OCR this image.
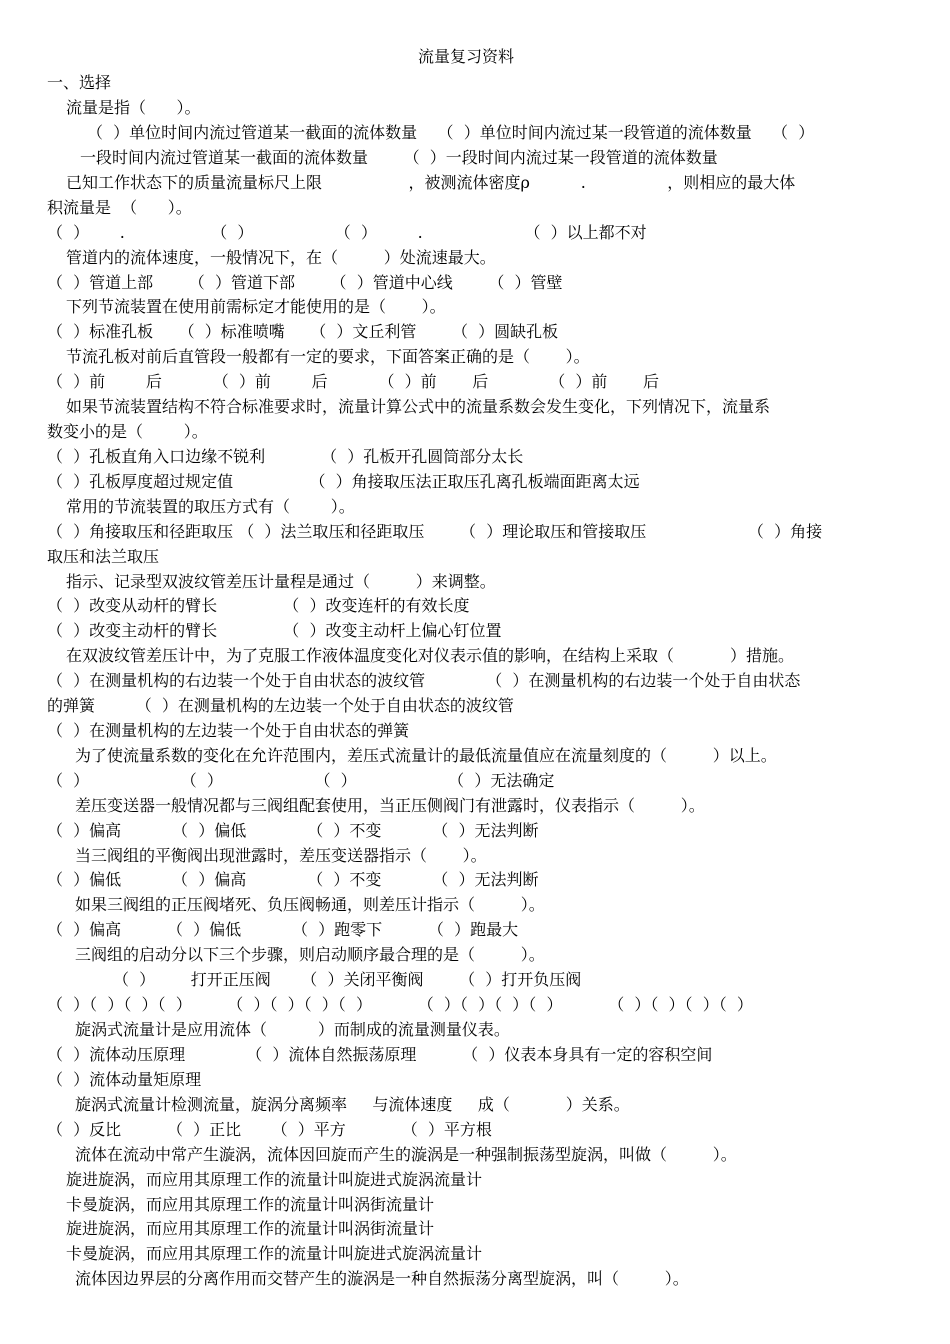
流量复习资料
一、选择
流量是指（      ）。
（  ）单位时间内流过管道某一截面的流体数量    （  ）单位时间内流过某一段管道的流体数量    （  ）
一段时间内流过管道某一截面的流体数量       （  ）一段时间内流过某一段管道的流体数量
已知工作状态下的质量流量标尺上限                 ，被测流体密度ρ          .                ，则相应的最大体
积流量是  （      ）。
（  ）      .                 （  ）                （  ）        .                    （  ）以上都不对
管道内的流体速度，一般情况下，在（         ）处流速最大。
（  ）管道上部       （  ）管道下部       （  ）管道中心线       （  ）管壁
下列节流装置在使用前需标定才能使用的是（       ）。
（  ）标准孔板     （  ）标准喷嘴     （  ）文丘利管       （  ）圆缺孔板
节流孔板对前后直管段一般都有一定的要求，下面答案正确的是（       ）。
（  ）前        后          （  ）前        后          （  ）前       后            （  ）前       后
如果节流装置结构不符合标准要求时，流量计算公式中的流量系数会发生变化，下列情况下，流量系
数变小的是（        ）。
（  ）孔板直角入口边缘不锐利           （  ）孔板开孔圆筒部分太长
（  ）孔板厚度超过规定值               （  ）角接取压法正取压孔离孔板端面距离太远
常用的节流装置的取压方式有（        ）。
（  ）角接取压和径距取压 （  ）法兰取压和径距取压       （  ）理论取压和管接取压                    （  ）角接
取压和法兰取压
指示、记录型双波纹管差压计量程是通过（         ）来调整。
（  ）改变从动杆的臂长             （  ）改变连杆的有效长度
（  ）改变主动杆的臂长             （  ）改变主动杆上偏心钉位置
在双波纹管差压计中，为了克服工作液体温度变化对仪表示值的影响，在结构上采取（           ）措施。
（  ）在测量机构的右边装一个处于自由状态的波纹管            （  ）在测量机构的右边装一个处于自由状态
的弹簧        （  ）在测量机构的左边装一个处于自由状态的波纹管
（  ）在测量机构的左边装一个处于自由状态的弹簧
为了使流量系数的变化在允许范围内，差压式流量计的最低流量值应在流量刻度的（         ）以上。
（  ）                  （  ）                  （  ）                  （  ）无法确定
差压变送器一般情况都与三阀组配套使用，当正压侧阀门有泄露时，仪表指示（         ）。
（  ）偏高          （  ）偏低            （  ）不变          （  ）无法判断
当三阀组的平衡阀出现泄露时，差压变送器指示（       ）。
（  ）偏低          （  ）偏高            （  ）不变          （  ）无法判断
如果三阀组的正压阀堵死、负压阀畅通，则差压计指示（         ）。
（  ）偏高         （  ）偏低          （  ）跑零下         （  ）跑最大
三阀组的启动分以下三个步骤，则启动顺序最合理的是（         ）。
（  ）       打开正压阀      （  ）关闭平衡阀       （  ）打开负压阀
（  ）（  ）（  ）（  ）       （  ）（  ）（  ）（  ）         （  ）（  ）（  ）（  ）         （  ）（  ）（  ）（  ）
旋涡式流量计是应用流体（          ）而制成的流量测量仪表。
（  ）流体动压原理            （  ）流体自然振荡原理         （  ）仪表本身具有一定的容积空间
（  ）流体动量矩原理
旋涡式流量计检测流量，旋涡分离频率     与流体速度     成（           ）关系。
（  ）反比         （  ）正比      （  ）平方           （  ）平方根
流体在流动中常产生漩涡，流体因回旋而产生的漩涡是一种强制振荡型旋涡，叫做（         ）。
旋进旋涡，而应用其原理工作的流量计叫旋进式旋涡流量计
卡曼旋涡，而应用其原理工作的流量计叫涡街流量计
旋进旋涡，而应用其原理工作的流量计叫涡街流量计
卡曼旋涡，而应用其原理工作的流量计叫旋进式旋涡流量计
流体因边界层的分离作用而交替产生的漩涡是一种自然振荡分离型旋涡，叫（         ）。
